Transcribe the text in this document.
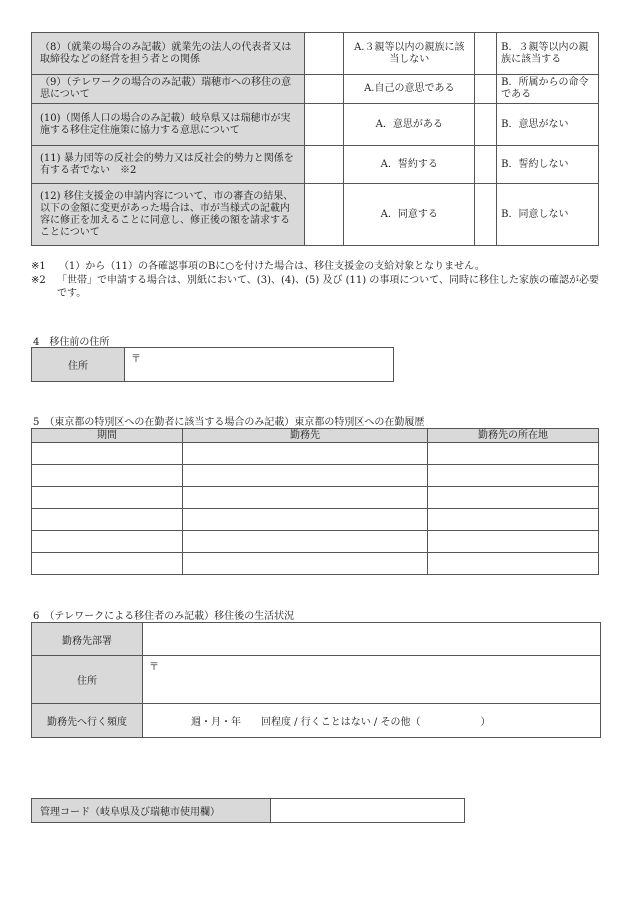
（8）（就業の場合のみ記載）就業先の法人の代表者又は取締役などの経営を担う者との関係		A.３親等以内の親族に該当しない		B．３親等以内の親族に該当する
（9）（テレワークの場合のみ記載）瑞穂市への移住の意思について		A.自己の意思である		B．所属からの命令である
(10)（関係人口の場合のみ記載）岐阜県又は瑞穂市が実施する移住定住施策に協力する意思について		A．意思がある		B．意思がない
(11) 暴力団等の反社会的勢力又は反社会的勢力と関係を有する者でない　※2		A．誓約する		B．誓約しない
(12) 移住支援金の申請内容について、市の審査の結果、以下の金額に変更があった場合は、市が当様式の記載内容に修正を加えることに同意し、修正後の額を請求することについて		A．同意する		B．同意しない
※1 （1）から（11）の各確認事項のBに○を付けた場合は、移住支援金の支給対象となりません。
※2	「世帯」で申請する場合は、別紙において、(3)、(4)、(5) 及び (11) の事項について、同時に移住した家族の確認が必要です。
4　移住前の住所
住所	〒
5　（東京都の特別区への在勤者に該当する場合のみ記載）東京都の特別区への在勤履歴
期間	勤務先	勤務先の所在地

6　（テレワークによる移住者のみ記載）移住後の生活状況
勤務先部署	
住所	〒
勤務先へ行く頻度	週・月・年　　回程度 / 行くことはない / その他（　　　　　　）
管理コード（岐阜県及び瑞穂市使用欄）	
